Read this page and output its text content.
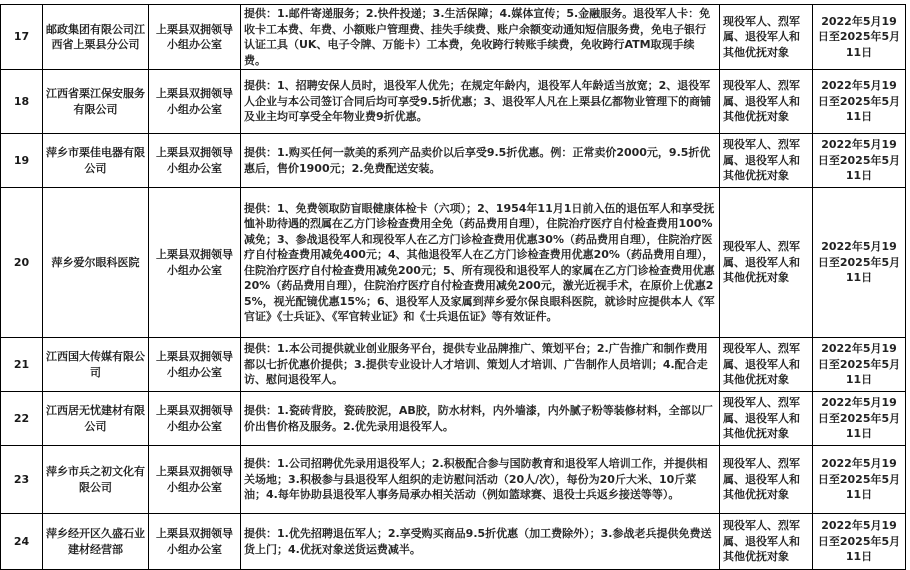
17	邮政集团有限公司江西省上栗县分公司	上栗县双拥领导小组办公室	提供：1.邮件寄递服务；2.快件投递；3.生活保障；4.媒体宣传；5.金融服务。退役军人卡：免收卡工本费、年费、小额账户管理费、挂失手续费、账户余额变动通知短信服务费，免电子银行认证工具（UK、电子令牌、万能卡）工本费，免收跨行转账手续费，免收跨行ATM取现手续费。	现役军人、烈军属、退役军人和其他优抚对象	2022年5月19日至2025年5月11日
18	江西省栗江保安服务有限公司	上栗县双拥领导小组办公室	提供：1、招聘安保人员时，退役军人优先；在规定年龄内，退役军人年龄适当放宽；2、退役军人企业与本公司签订合同后均可享受9.5折优惠；3、退役军人凡在上栗县亿都物业管理下的商铺及业主均可享受全年物业费9折优惠。	现役军人、烈军属、退役军人和其他优抚对象	2022年5月19日至2025年5月11日
19	萍乡市栗佳电器有限公司	上栗县双拥领导小组办公室	提供：1.购买任何一款美的系列产品卖价以后享受9.5折优惠。例：正常卖价2000元，9.5折优惠后，售价1900元；2.免费配送安装。	现役军人、烈军属、退役军人和其他优抚对象	2022年5月19日至2025年5月11日
20	萍乡爱尔眼科医院	上栗县双拥领导小组办公室	提供：1、免费领取防盲眼健康体检卡（六项）；2、1954年11月1日前入伍的退伍军人和享受抚恤补助待遇的烈属在乙方门诊检查费用全免（药品费用自理），住院治疗医疗自付检查费用100%减免；3、参战退役军人和现役军人在乙方门诊检查费用优惠30%（药品费用自理），住院治疗医疗自付检查费用减免400元；4、其他退役军人在乙方门诊检查费用优惠20%（药品费用自理），住院治疗医疗自付检查费用减免200元；5、所有现役和退役军人的家属在乙方门诊检查费用优惠20%（药品费用自理），住院治疗医疗自付检查费用减免200元，激光近视手术，在原价上优惠25%，视光配镜优惠15%；6、退役军人及家属到萍乡爱尔保良眼科医院，就诊时应提供本人《军官证》《士兵证》、《军官转业证》和《士兵退伍证》等有效证件。	现役军人、烈军属、退役军人和其他优抚对象	2022年5月19日至2025年5月11日
21	江西国大传媒有限公司	上栗县双拥领导小组办公室	提供：1.本公司提供就业创业服务平台，提供专业品牌推广、策划平台；2.广告推广和制作费用都以七折优惠价提供；3.提供专业设计人才培训、策划人才培训、广告制作人员培训；4.配合走访、慰问退役军人。	现役军人、烈军属、退役军人和其他优抚对象	2022年5月19日至2025年5月11日
22	江西居无忧建材有限公司	上栗县双拥领导小组办公室	提供：1.瓷砖背胶，瓷砖胶泥，AB胶，防水材料，内外墙漆，内外腻子粉等装修材料，全部以厂价出售价格及服务。2.优先录用退役军人。	现役军人、烈军属、退役军人和其他优抚对象	2022年5月19日至2025年5月11日
23	萍乡市兵之初文化有限公司	上栗县双拥领导小组办公室	提供：1.公司招聘优先录用退役军人；2.积极配合参与国防教育和退役军人培训工作，并提供相关场地；3.积极参与县退役军人组织的走访慰问活动（20人/次），每份为20斤大米、10斤菜油；4.每年协助县退役军人事务局承办相关活动（例如篮球赛、退役士兵返乡接送等等）。	现役军人、烈军属、退役军人和其他优抚对象	2022年5月19日至2025年5月11日
24	萍乡经开区久盛石业建材经营部	上栗县双拥领导小组办公室	提供：1.优先招聘退伍军人；2.享受购买商品9.5折优惠（加工费除外）；3.参战老兵提供免费送货上门；4.优抚对象送货运费减半。	现役军人、烈军属、退役军人和其他优抚对象	2022年5月19日至2025年5月11日
